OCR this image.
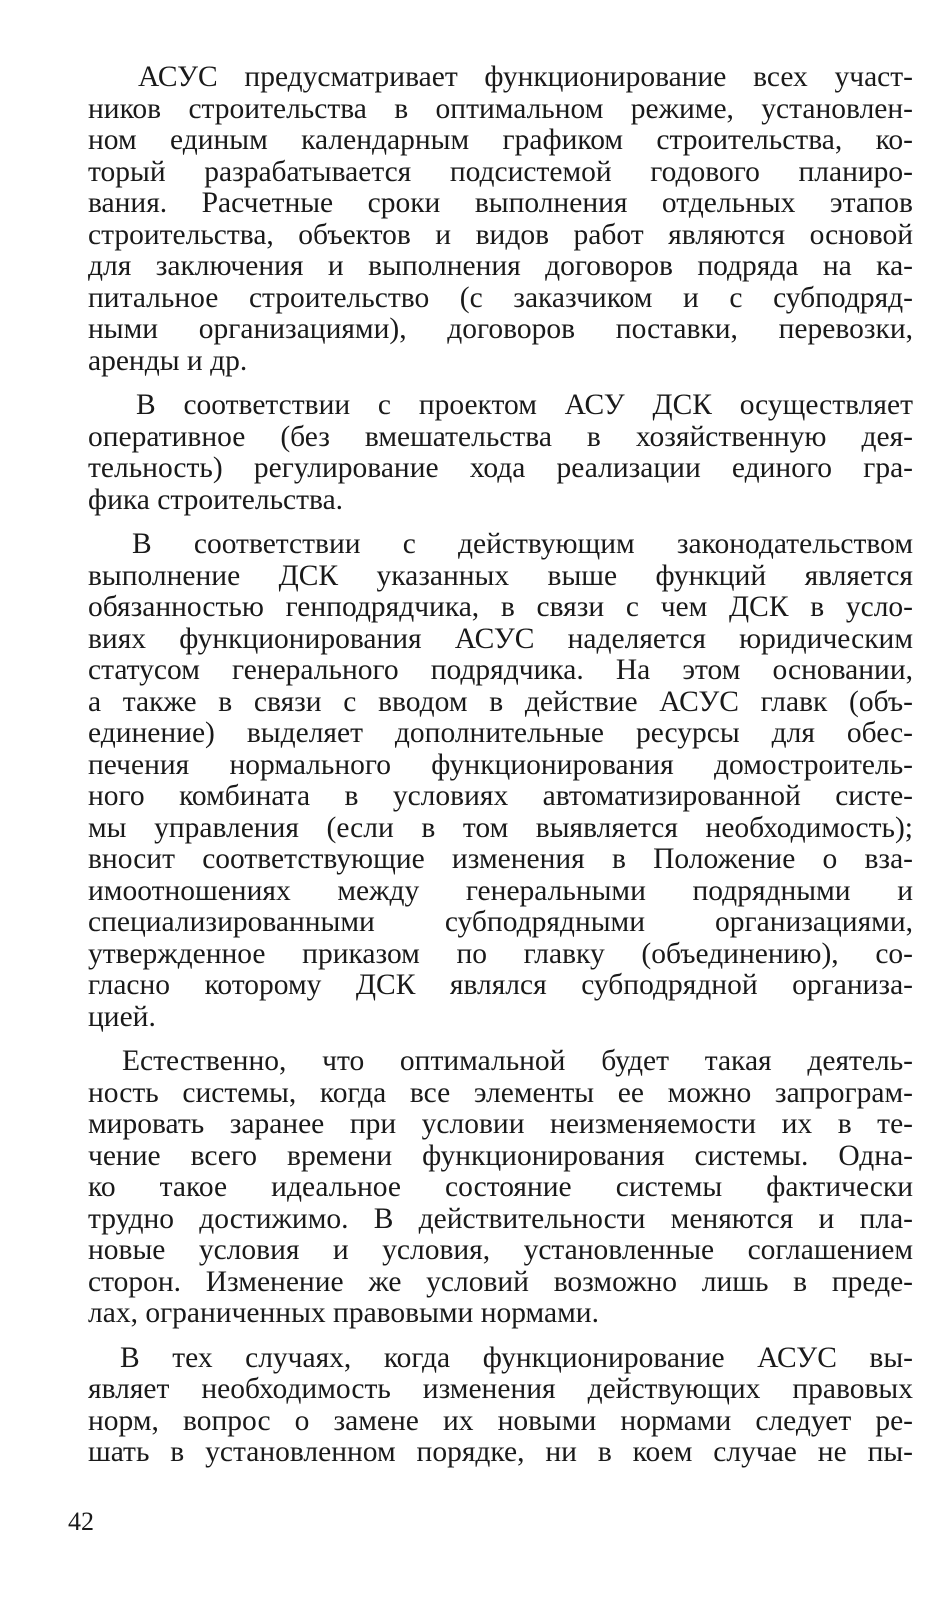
АСУС предусматривает функционирование всех участ-
ников строительства в оптимальном режиме, установлен-
ном единым календарным графиком строительства, ко-
торый разрабатывается подсистемой годового планиро-
вания. Расчетные сроки выполнения отдельных этапов
строительства, объектов и видов работ являются основой
для заключения и выполнения договоров подряда на ка-
питальное строительство (с заказчиком и с субподряд-
ными организациями), договоров поставки, перевозки,
аренды и др.
В соответствии с проектом АСУ ДСК осуществляет
оперативное (без вмешательства в хозяйственную дея-
тельность) регулирование хода реализации единого гра-
фика строительства.
В соответствии с действующим законодательством
выполнение ДСК указанных выше функций является
обязанностью генподрядчика, в связи с чем ДСК в усло-
виях функционирования АСУС наделяется юридическим
статусом генерального подрядчика. На этом основании,
а также в связи с вводом в действие АСУС главк (объ-
единение) выделяет дополнительные ресурсы для обес-
печения нормального функционирования домостроитель-
ного комбината в условиях автоматизированной систе-
мы управления (если в том выявляется необходимость);
вносит соответствующие изменения в Положение о вза-
имоотношениях между генеральными подрядными и
специализированными субподрядными организациями,
утвержденное приказом по главку (объединению), со-
гласно которому ДСК являлся субподрядной организа-
цией.
Естественно, что оптимальной будет такая деятель-
ность системы, когда все элементы ее можно запрограм-
мировать заранее при условии неизменяемости их в те-
чение всего времени функционирования системы. Одна-
ко такое идеальное состояние системы фактически
трудно достижимо. В действительности меняются и пла-
новые условия и условия, установленные соглашением
сторон. Изменение же условий возможно лишь в преде-
лах, ограниченных правовыми нормами.
В тех случаях, когда функционирование АСУС вы-
являет необходимость изменения действующих правовых
норм, вопрос о замене их новыми нормами следует ре-
шать в установленном порядке, ни в коем случае не пы-
42
